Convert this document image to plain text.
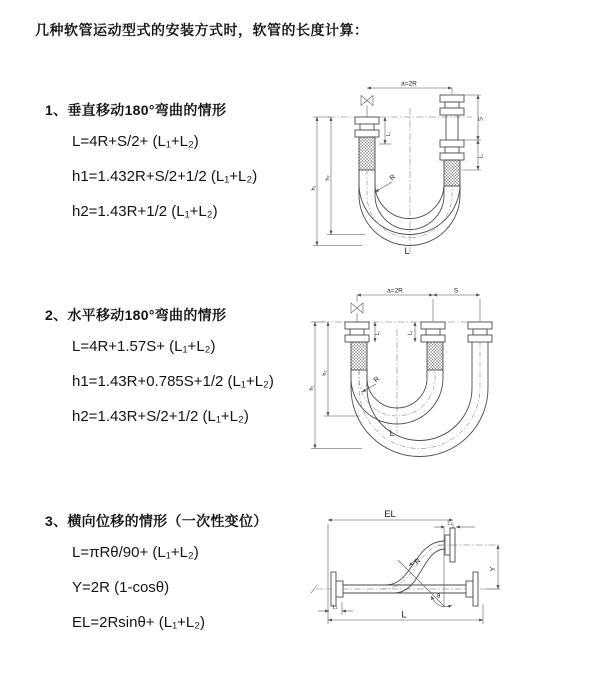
几种软管运动型式的安装方式时，软管的长度计算：
1、垂直移动180°弯曲的情形
L=4R+S/2+ (L₁+L₂)
h1=1.432R+S/2+1/2 (L₁+L₂)
h2=1.43R+1/2 (L₁+L₂)
2、水平移动180°弯曲的情形
L=4R+1.57S+ (L₁+L₂)
h1=1.43R+0.785S+1/2 (L₁+L₂)
h2=1.43R+S/2+1/2 (L₁+L₂)
3、横向位移的情形（一次性变位）
L=πRθ/90+ (L₁+L₂)
Y=2R (1-cosθ)
EL=2Rsinθ+ (L₁+L₂)
a=2R
L₁
S
L₂
h₁
h₂	R
L
a=2R	S
L₁	L₂
h₁
h₂
R
L
EL
L₂
θ
R
Y
L₁
L
